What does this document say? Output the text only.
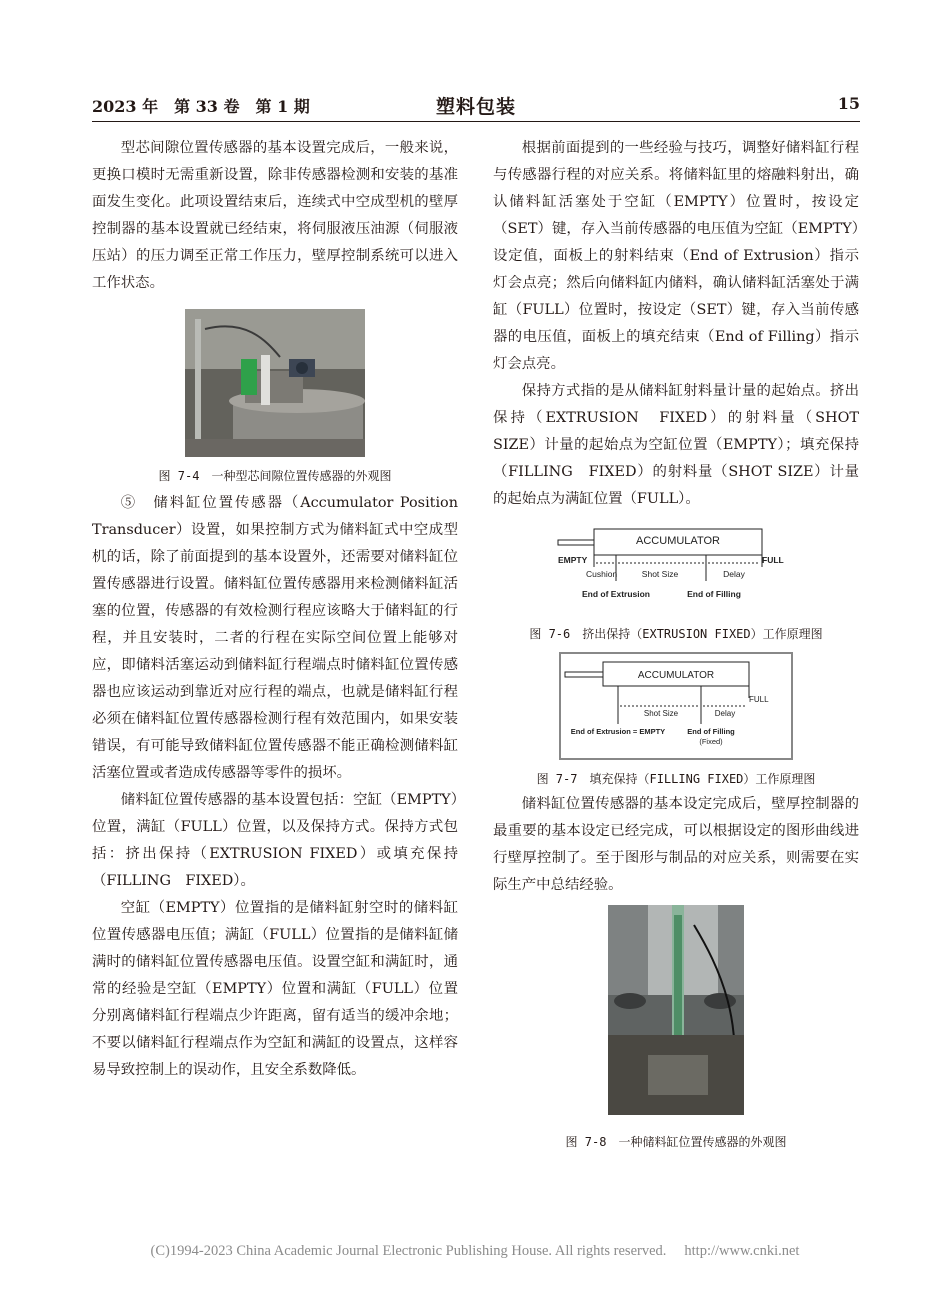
2023 年　第 33 卷　第 1 期	塑料包装	15

型芯间隙位置传感器的基本设置完成后，一般来说，更换口模时无需重新设置，除非传感器检测和安装的基准面发生变化。此项设置结束后，连续式中空成型机的壁厚控制器的基本设置就已经结束，将伺服液压油源（伺服液压站）的压力调至正常工作压力，壁厚控制系统可以进入工作状态。

图 7-4　一种型芯间隙位置传感器的外观图

⑤　储料缸位置传感器（Accumulator Position Transducer）设置，如果控制方式为储料缸式中空成型机的话，除了前面提到的基本设置外，还需要对储料缸位置传感器进行设置。储料缸位置传感器用来检测储料缸活塞的位置，传感器的有效检测行程应该略大于储料缸的行程，并且安装时，二者的行程在实际空间位置上能够对应，即储料活塞运动到储料缸行程端点时储料缸位置传感器也应该运动到靠近对应行程的端点，也就是储料缸行程必须在储料缸位置传感器检测行程有效范围内，如果安装错误，有可能导致储料缸位置传感器不能正确检测储料缸活塞位置或者造成传感器等零件的损坏。

储料缸位置传感器的基本设置包括：空缸（EMPTY）位置，满缸（FULL）位置，以及保持方式。保持方式包括：挤出保持（EXTRUSION FIXED）或填充保持（FILLING　FIXED）。

空缸（EMPTY）位置指的是储料缸射空时的储料缸位置传感器电压值；满缸（FULL）位置指的是储料缸储满时的储料缸位置传感器电压值。设置空缸和满缸时，通常的经验是空缸（EMPTY）位置和满缸（FULL）位置分别离储料缸行程端点少许距离，留有适当的缓冲余地；不要以储料缸行程端点作为空缸和满缸的设置点，这样容易导致控制上的误动作，且安全系数降低。

根据前面提到的一些经验与技巧，调整好储料缸行程与传感器行程的对应关系。将储料缸里的熔融料射出，确认储料缸活塞处于空缸（EMPTY）位置时，按设定（SET）键，存入当前传感器的电压值为空缸（EMPTY）设定值，面板上的射料结束（End of Extrusion）指示灯会点亮；然后向储料缸内储料，确认储料缸活塞处于满缸（FULL）位置时，按设定（SET）键，存入当前传感器的电压值，面板上的填充结束（End of Filling）指示灯会点亮。

保持方式指的是从储料缸射料量计量的起始点。挤出保持（EXTRUSION　FIXED）的射料量（SHOT SIZE）计量的起始点为空缸位置（EMPTY）；填充保持（FILLING　FIXED）的射料量（SHOT SIZE）计量的起始点为满缸位置（FULL）。

ACCUMULATOR
EMPTY	FULL
Cushion	Shot Size	Delay
End of Extrusion	End of Filling
图 7-6　挤出保持（EXTRUSION FIXED）工作原理图
ACCUMULATOR
FULL
Shot Size	Delay
End of Extrusion = EMPTY	End of Filling
(Fixed)
图 7-7　填充保持（FILLING FIXED）工作原理图

储料缸位置传感器的基本设定完成后，壁厚控制器的最重要的基本设定已经完成，可以根据设定的图形曲线进行壁厚控制了。至于图形与制品的对应关系，则需要在实际生产中总结经验。

图 7-8　一种储料缸位置传感器的外观图
(C)1994-2023 China Academic Journal Electronic Publishing House. All rights reserved. http://www.cnki.net
